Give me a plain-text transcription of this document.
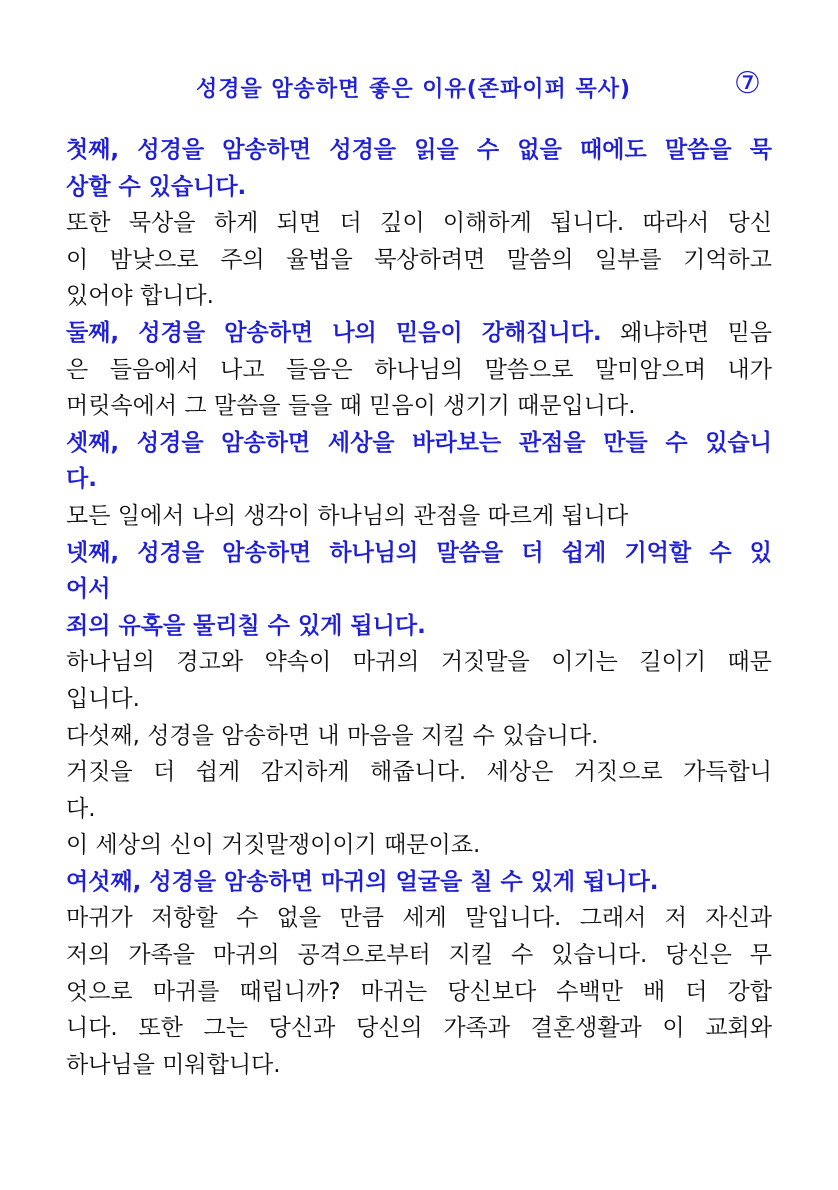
성경을 암송하면 좋은 이유(존파이퍼 목사)	⑦
첫째, 성경을 암송하면 성경을 읽을 수 없을 때에도 말씀을 묵
상할 수 있습니다.
또한 묵상을 하게 되면 더 깊이 이해하게 됩니다. 따라서 당신
이 밤낮으로 주의 율법을 묵상하려면 말씀의 일부를 기억하고
있어야 합니다.
둘째, 성경을 암송하면 나의 믿음이 강해집니다. 왜냐하면 믿음
은 들음에서 나고 들음은 하나님의 말씀으로 말미암으며 내가
머릿속에서 그 말씀을 들을 때 믿음이 생기기 때문입니다.
셋째, 성경을 암송하면 세상을 바라보는 관점을 만들 수 있습니
다.
모든 일에서 나의 생각이 하나님의 관점을 따르게 됩니다
넷째, 성경을 암송하면 하나님의 말씀을 더 쉽게 기억할 수 있
어서
죄의 유혹을 물리칠 수 있게 됩니다.
하나님의 경고와 약속이 마귀의 거짓말을 이기는 길이기 때문
입니다.
다섯째, 성경을 암송하면 내 마음을 지킬 수 있습니다.
거짓을 더 쉽게 감지하게 해줍니다. 세상은 거짓으로 가득합니
다.
이 세상의 신이 거짓말쟁이이기 때문이죠.
여섯째, 성경을 암송하면 마귀의 얼굴을 칠 수 있게 됩니다.
마귀가 저항할 수 없을 만큼 세게 말입니다. 그래서 저 자신과
저의 가족을 마귀의 공격으로부터 지킬 수 있습니다. 당신은 무
엇으로 마귀를 때립니까? 마귀는 당신보다 수백만 배 더 강합
니다. 또한 그는 당신과 당신의 가족과 결혼생활과 이 교회와
하나님을 미워합니다.
